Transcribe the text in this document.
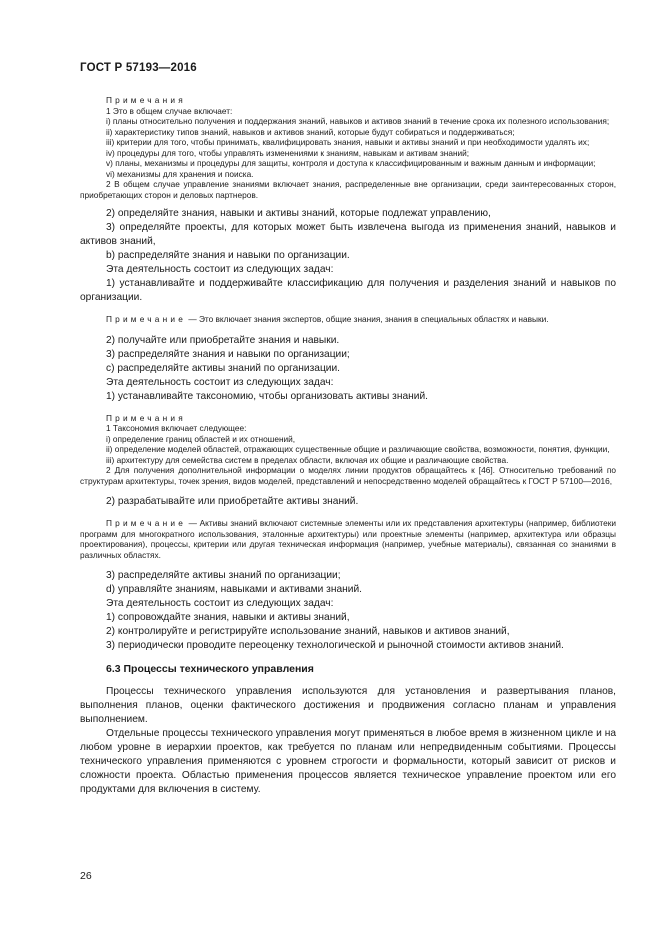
ГОСТ Р 57193—2016

Примечания

1 Это в общем случае включает:

i) планы относительно получения и поддержания знаний, навыков и активов знаний в течение срока их полезного использования;

ii) характеристику типов знаний, навыков и активов знаний, которые будут собираться и поддерживаться;

iii) критерии для того, чтобы принимать, квалифицировать знания, навыки и активы знаний и при необходимости удалять их;

iv) процедуры для того, чтобы управлять изменениями к знаниям, навыкам и активам знаний;

v) планы, механизмы и процедуры для защиты, контроля и доступа к классифицированным и важным данным и информации;

vi) механизмы для хранения и поиска.

2 В общем случае управление знаниями включает знания, распределенные вне организации, среди заинтересованных сторон, приобретающих сторон и деловых партнеров.

2) определяйте знания, навыки и активы знаний, которые подлежат управлению,

3) определяйте проекты, для которых может быть извлечена выгода из применения знаний, навыков и активов знаний,

b) распределяйте знания и навыки по организации.

Эта деятельность состоит из следующих задач:

1) устанавливайте и поддерживайте классификацию для получения и разделения знаний и навыков по организации.

Примечание — Это включает знания экспертов, общие знания, знания в специальных областях и навыки.

2) получайте или приобретайте знания и навыки.

3) распределяйте знания и навыки по организации;

c) распределяйте активы знаний по организации.

Эта деятельность состоит из следующих задач:

1) устанавливайте таксономию, чтобы организовать активы знаний.

Примечания

1 Таксономия включает следующее:

i) определение границ областей и их отношений,

ii) определение моделей областей, отражающих существенные общие и различающие свойства, возможности, понятия, функции,

iii) архитектуру для семейства систем в пределах области, включая их общие и различающие свойства.

2 Для получения дополнительной информации о моделях линии продуктов обращайтесь к [46]. Относительно требований по структурам архитектуры, точек зрения, видов моделей, представлений и непосредственно моделей обращайтесь к ГОСТ Р 57100—2016,

2) разрабатывайте или приобретайте активы знаний.

Примечание — Активы знаний включают системные элементы или их представления архитектуры (например, библиотеки программ для многократного использования, эталонные архитектуры) или проектные элементы (например, архитектура или образцы проектирования), процессы, критерии или другая техническая информация (например, учебные материалы), связанная со знаниями в различных областях.

3) распределяйте активы знаний по организации;

d) управляйте знаниям, навыками и активами знаний.

Эта деятельность состоит из следующих задач:

1) сопровождайте знания, навыки и активы знаний,

2) контролируйте и регистрируйте использование знаний, навыков и активов знаний,

3) периодически проводите переоценку технологической и рыночной стоимости активов знаний.

6.3 Процессы технического управления

Процессы технического управления используются для установления и развертывания планов, выполнения планов, оценки фактического достижения и продвижения согласно планам и управления выполнением.

Отдельные процессы технического управления могут применяться в любое время в жизненном цикле и на любом уровне в иерархии проектов, как требуется по планам или непредвиденным событиями. Процессы технического управления применяются с уровнем строгости и формальности, который зависит от рисков и сложности проекта. Областью применения процессов является техническое управление проектом или его продуктами для включения в систему.

26
